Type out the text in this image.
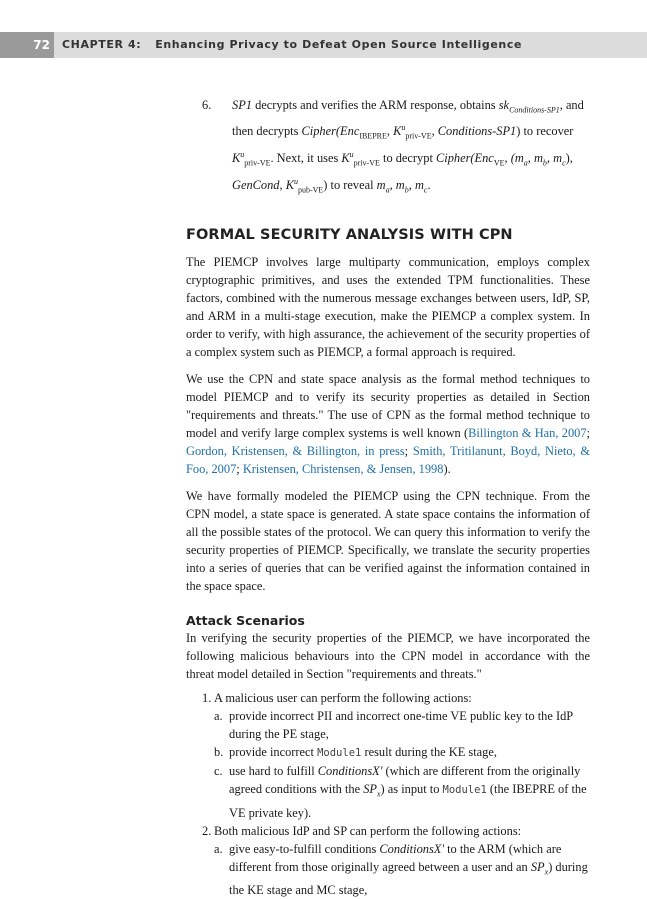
72	CHAPTER 4: Enhancing Privacy to Defeat Open Source Intelligence
6. SP1 decrypts and verifies the ARM response, obtains $sk_{Conditions-SP1}$, and then decrypts Cipher(Enc$_{IBEPRE}$, $K^u_{priv-VE}$, Conditions-SP1) to recover $K^u_{priv-VE}$. Next, it uses $K^u_{priv-VE}$ to decrypt Cipher(Enc$_{VE}$, ($m_a$, $m_b$, $m_c$), GenCond, $K^u_{pub-VE}$) to reveal $m_a$, $m_b$, $m_c$.
FORMAL SECURITY ANALYSIS WITH CPN

The PIEMCP involves large multiparty communication, employs complex cryptographic primitives, and uses the extended TPM functionalities. These factors, combined with the numerous message exchanges between users, IdP, SP, and ARM in a multi-stage execution, make the PIEMCP a complex system. In order to verify, with high assurance, the achievement of the security properties of a complex system such as PIEMCP, a formal approach is required.

We use the CPN and state space analysis as the formal method techniques to model PIEMCP and to verify its security properties as detailed in Section "requirements and threats." The use of CPN as the formal method technique to model and verify large complex systems is well known (Billington & Han, 2007; Gordon, Kristensen, & Billington, in press; Smith, Tritilanunt, Boyd, Nieto, & Foo, 2007; Kristensen, Christensen, & Jensen, 1998).

We have formally modeled the PIEMCP using the CPN technique. From the CPN model, a state space is generated. A state space contains the information of all the possible states of the protocol. We can query this information to verify the security properties of PIEMCP. Specifically, we translate the security properties into a series of queries that can be verified against the information contained in the space space.

Attack Scenarios

In verifying the security properties of the PIEMCP, we have incorporated the following malicious behaviours into the CPN model in accordance with the threat model detailed in Section "requirements and threats."

1. A malicious user can perform the following actions:
a. provide incorrect PII and incorrect one-time VE public key to the IdP during the PE stage,
b. provide incorrect Module1 result during the KE stage,
c. use hard to fulfill ConditionsX' (which are different from the originally agreed conditions with the $SP_x$) as input to Module1 (the IBEPRE of the VE private key).
2. Both malicious IdP and SP can perform the following actions:
a. give easy-to-fulfill conditions ConditionsX' to the ARM (which are different from those originally agreed between a user and an $SP_x$) during the KE stage and MC stage,
